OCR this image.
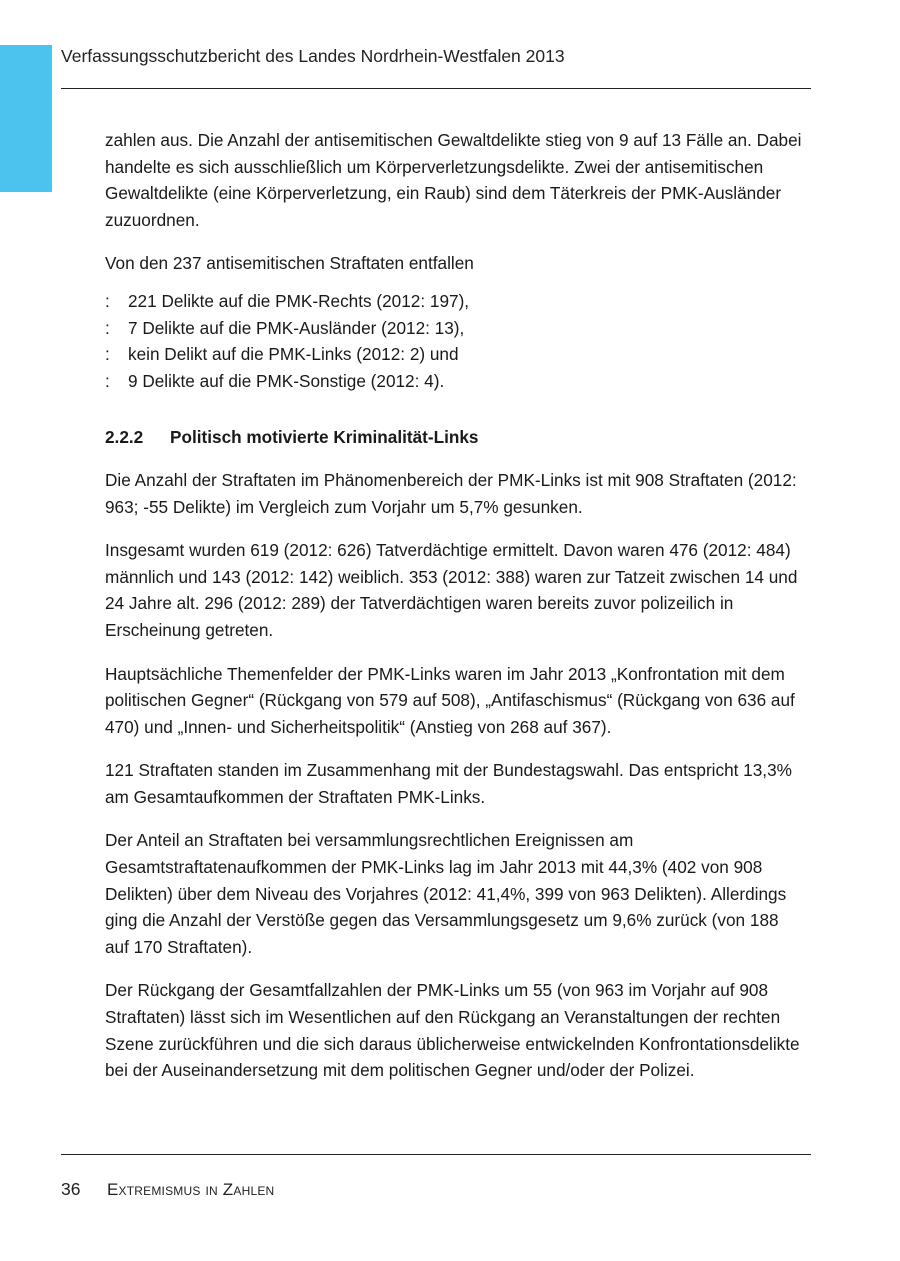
Verfassungsschutzbericht des Landes Nordrhein-Westfalen 2013

zahlen aus. Die Anzahl der antisemitischen Gewaltdelikte stieg von 9 auf 13 Fälle an. Dabei handelte es sich ausschließlich um Körperverletzungsdelikte. Zwei der antisemitischen Gewaltdelikte (eine Körperverletzung, ein Raub) sind dem Täterkreis der PMK-Ausländer zuzuordnen.

Von den 237 antisemitischen Straftaten entfallen

: 221 Delikte auf die PMK-Rechts (2012: 197),
: 7 Delikte auf die PMK-Ausländer (2012: 13),
: kein Delikt auf die PMK-Links (2012: 2) und
: 9 Delikte auf die PMK-Sonstige (2012: 4).
2.2.2 Politisch motivierte Kriminalität-Links

Die Anzahl der Straftaten im Phänomenbereich der PMK-Links ist mit 908 Straftaten (2012: 963; -55 Delikte) im Vergleich zum Vorjahr um 5,7% gesunken.

Insgesamt wurden 619 (2012: 626) Tatverdächtige ermittelt. Davon waren 476 (2012: 484) männlich und 143 (2012: 142) weiblich. 353 (2012: 388) waren zur Tatzeit zwischen 14 und 24 Jahre alt. 296 (2012: 289) der Tatverdächtigen waren bereits zuvor polizeilich in Erscheinung getreten.

Hauptsächliche Themenfelder der PMK-Links waren im Jahr 2013 „Konfrontation mit dem politischen Gegner“ (Rückgang von 579 auf 508), „Antifaschismus“ (Rückgang von 636 auf 470) und „Innen- und Sicherheitspolitik“ (Anstieg von 268 auf 367).

121 Straftaten standen im Zusammenhang mit der Bundestagswahl. Das entspricht 13,3% am Gesamtaufkommen der Straftaten PMK-Links.

Der Anteil an Straftaten bei versammlungsrechtlichen Ereignissen am Gesamtstraftatenaufkommen der PMK-Links lag im Jahr 2013 mit 44,3% (402 von 908 Delikten) über dem Niveau des Vorjahres (2012: 41,4%, 399 von 963 Delikten). Allerdings ging die Anzahl der Verstöße gegen das Versammlungsgesetz um 9,6% zurück (von 188 auf 170 Straftaten).

Der Rückgang der Gesamtfallzahlen der PMK-Links um 55 (von 963 im Vorjahr auf 908 Straftaten) lässt sich im Wesentlichen auf den Rückgang an Veranstaltungen der rechten Szene zurückführen und die sich daraus üblicherweise entwickelnden Konfrontationsdelikte bei der Auseinandersetzung mit dem politischen Gegner und/oder der Polizei.

36 Extremismus in Zahlen
